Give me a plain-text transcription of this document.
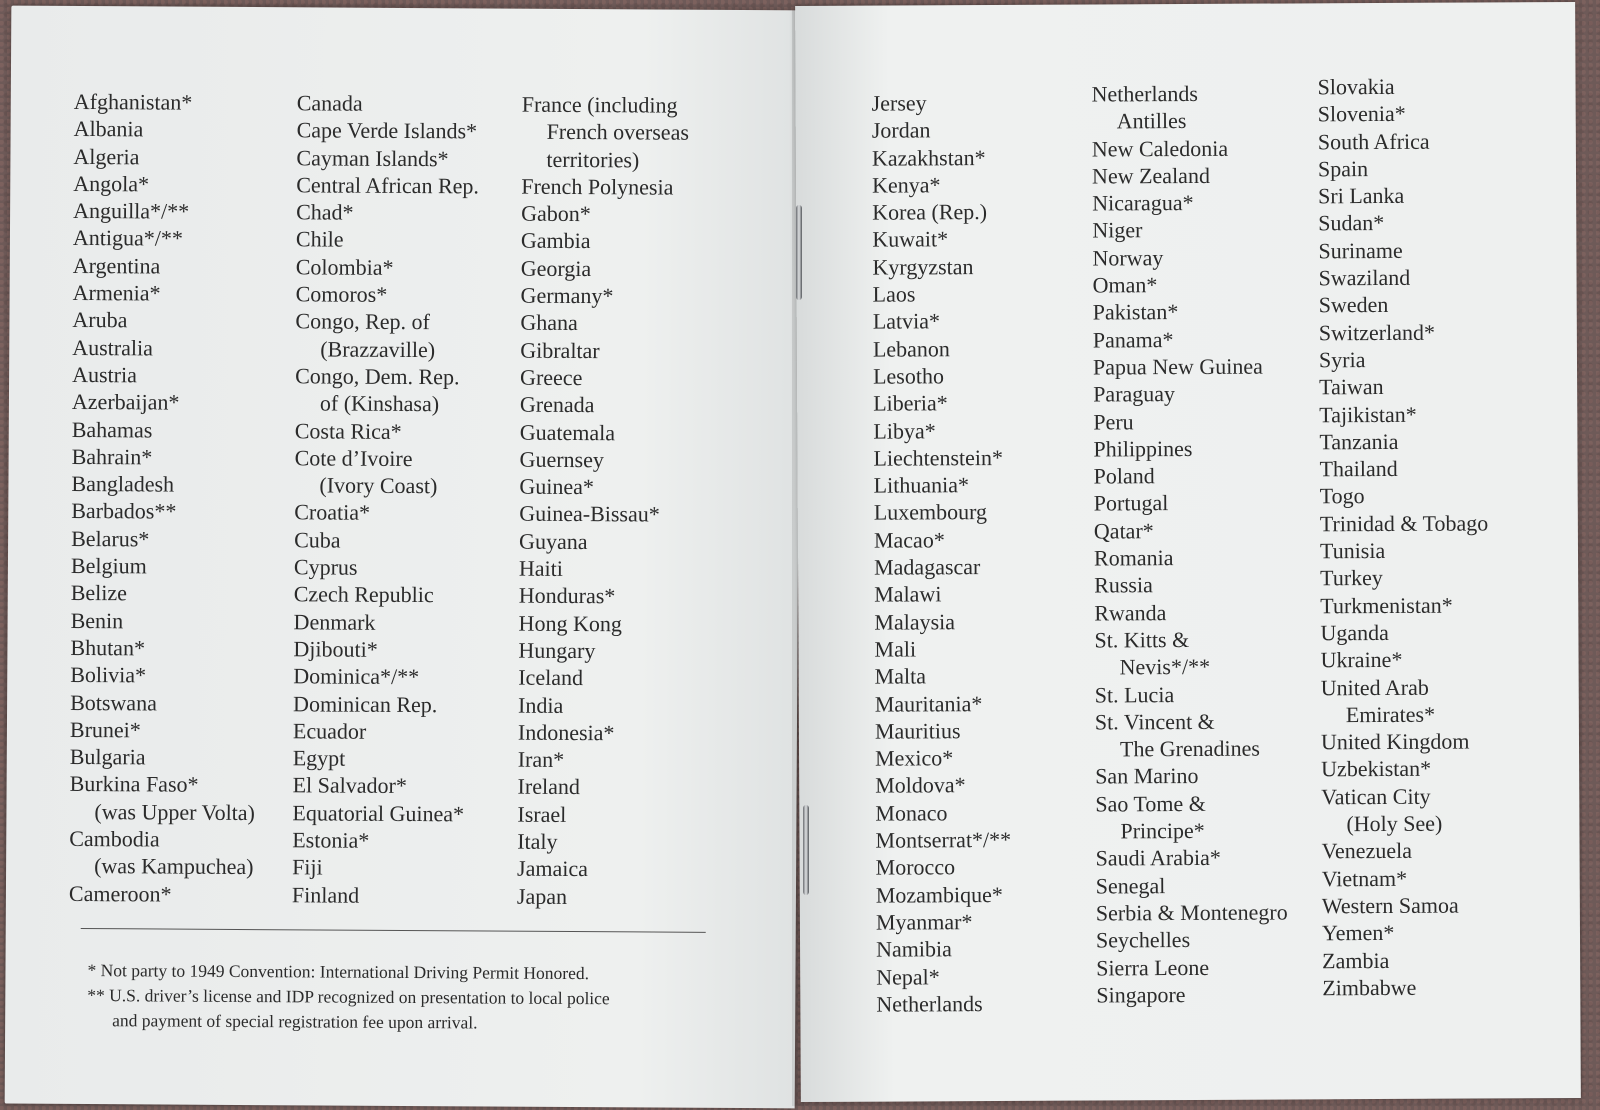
Afghanistan*
Albania
Algeria
Angola*
Anguilla*/**
Antigua*/**
Argentina
Armenia*
Aruba
Australia
Austria
Azerbaijan*
Bahamas
Bahrain*
Bangladesh
Barbados**
Belarus*
Belgium
Belize
Benin
Bhutan*
Bolivia*
Botswana
Brunei*
Bulgaria
Burkina Faso*
(was Upper Volta)
Cambodia
(was Kampuchea)
Cameroon*
Canada
Cape Verde Islands*
Cayman Islands*
Central African Rep.
Chad*
Chile
Colombia*
Comoros*
Congo, Rep. of
(Brazzaville)
Congo, Dem. Rep.
of (Kinshasa)
Costa Rica*
Cote d’Ivoire
(Ivory Coast)
Croatia*
Cuba
Cyprus
Czech Republic
Denmark
Djibouti*
Dominica*/**
Dominican Rep.
Ecuador
Egypt
El Salvador*
Equatorial Guinea*
Estonia*
Fiji
Finland
France (including
French overseas
territories)
French Polynesia
Gabon*
Gambia
Georgia
Germany*
Ghana
Gibraltar
Greece
Grenada
Guatemala
Guernsey
Guinea*
Guinea-Bissau*
Guyana
Haiti
Honduras*
Hong Kong
Hungary
Iceland
India
Indonesia*
Iran*
Ireland
Israel
Italy
Jamaica
Japan
* Not party to 1949 Convention: International Driving Permit Honored.
** U.S. driver’s license and IDP recognized on presentation to local police
and payment of special registration fee upon arrival.
Jersey
Jordan
Kazakhstan*
Kenya*
Korea (Rep.)
Kuwait*
Kyrgyzstan
Laos
Latvia*
Lebanon
Lesotho
Liberia*
Libya*
Liechtenstein*
Lithuania*
Luxembourg
Macao*
Madagascar
Malawi
Malaysia
Mali
Malta
Mauritania*
Mauritius
Mexico*
Moldova*
Monaco
Montserrat*/**
Morocco
Mozambique*
Myanmar*
Namibia
Nepal*
Netherlands
Netherlands
Antilles
New Caledonia
New Zealand
Nicaragua*
Niger
Norway
Oman*
Pakistan*
Panama*
Papua New Guinea
Paraguay
Peru
Philippines
Poland
Portugal
Qatar*
Romania
Russia
Rwanda
St. Kitts &
Nevis*/**
St. Lucia
St. Vincent &
The Grenadines
San Marino
Sao Tome &
Principe*
Saudi Arabia*
Senegal
Serbia & Montenegro
Seychelles
Sierra Leone
Singapore
Slovakia
Slovenia*
South Africa
Spain
Sri Lanka
Sudan*
Suriname
Swaziland
Sweden
Switzerland*
Syria
Taiwan
Tajikistan*
Tanzania
Thailand
Togo
Trinidad & Tobago
Tunisia
Turkey
Turkmenistan*
Uganda
Ukraine*
United Arab
Emirates*
United Kingdom
Uzbekistan*
Vatican City
(Holy See)
Venezuela
Vietnam*
Western Samoa
Yemen*
Zambia
Zimbabwe
